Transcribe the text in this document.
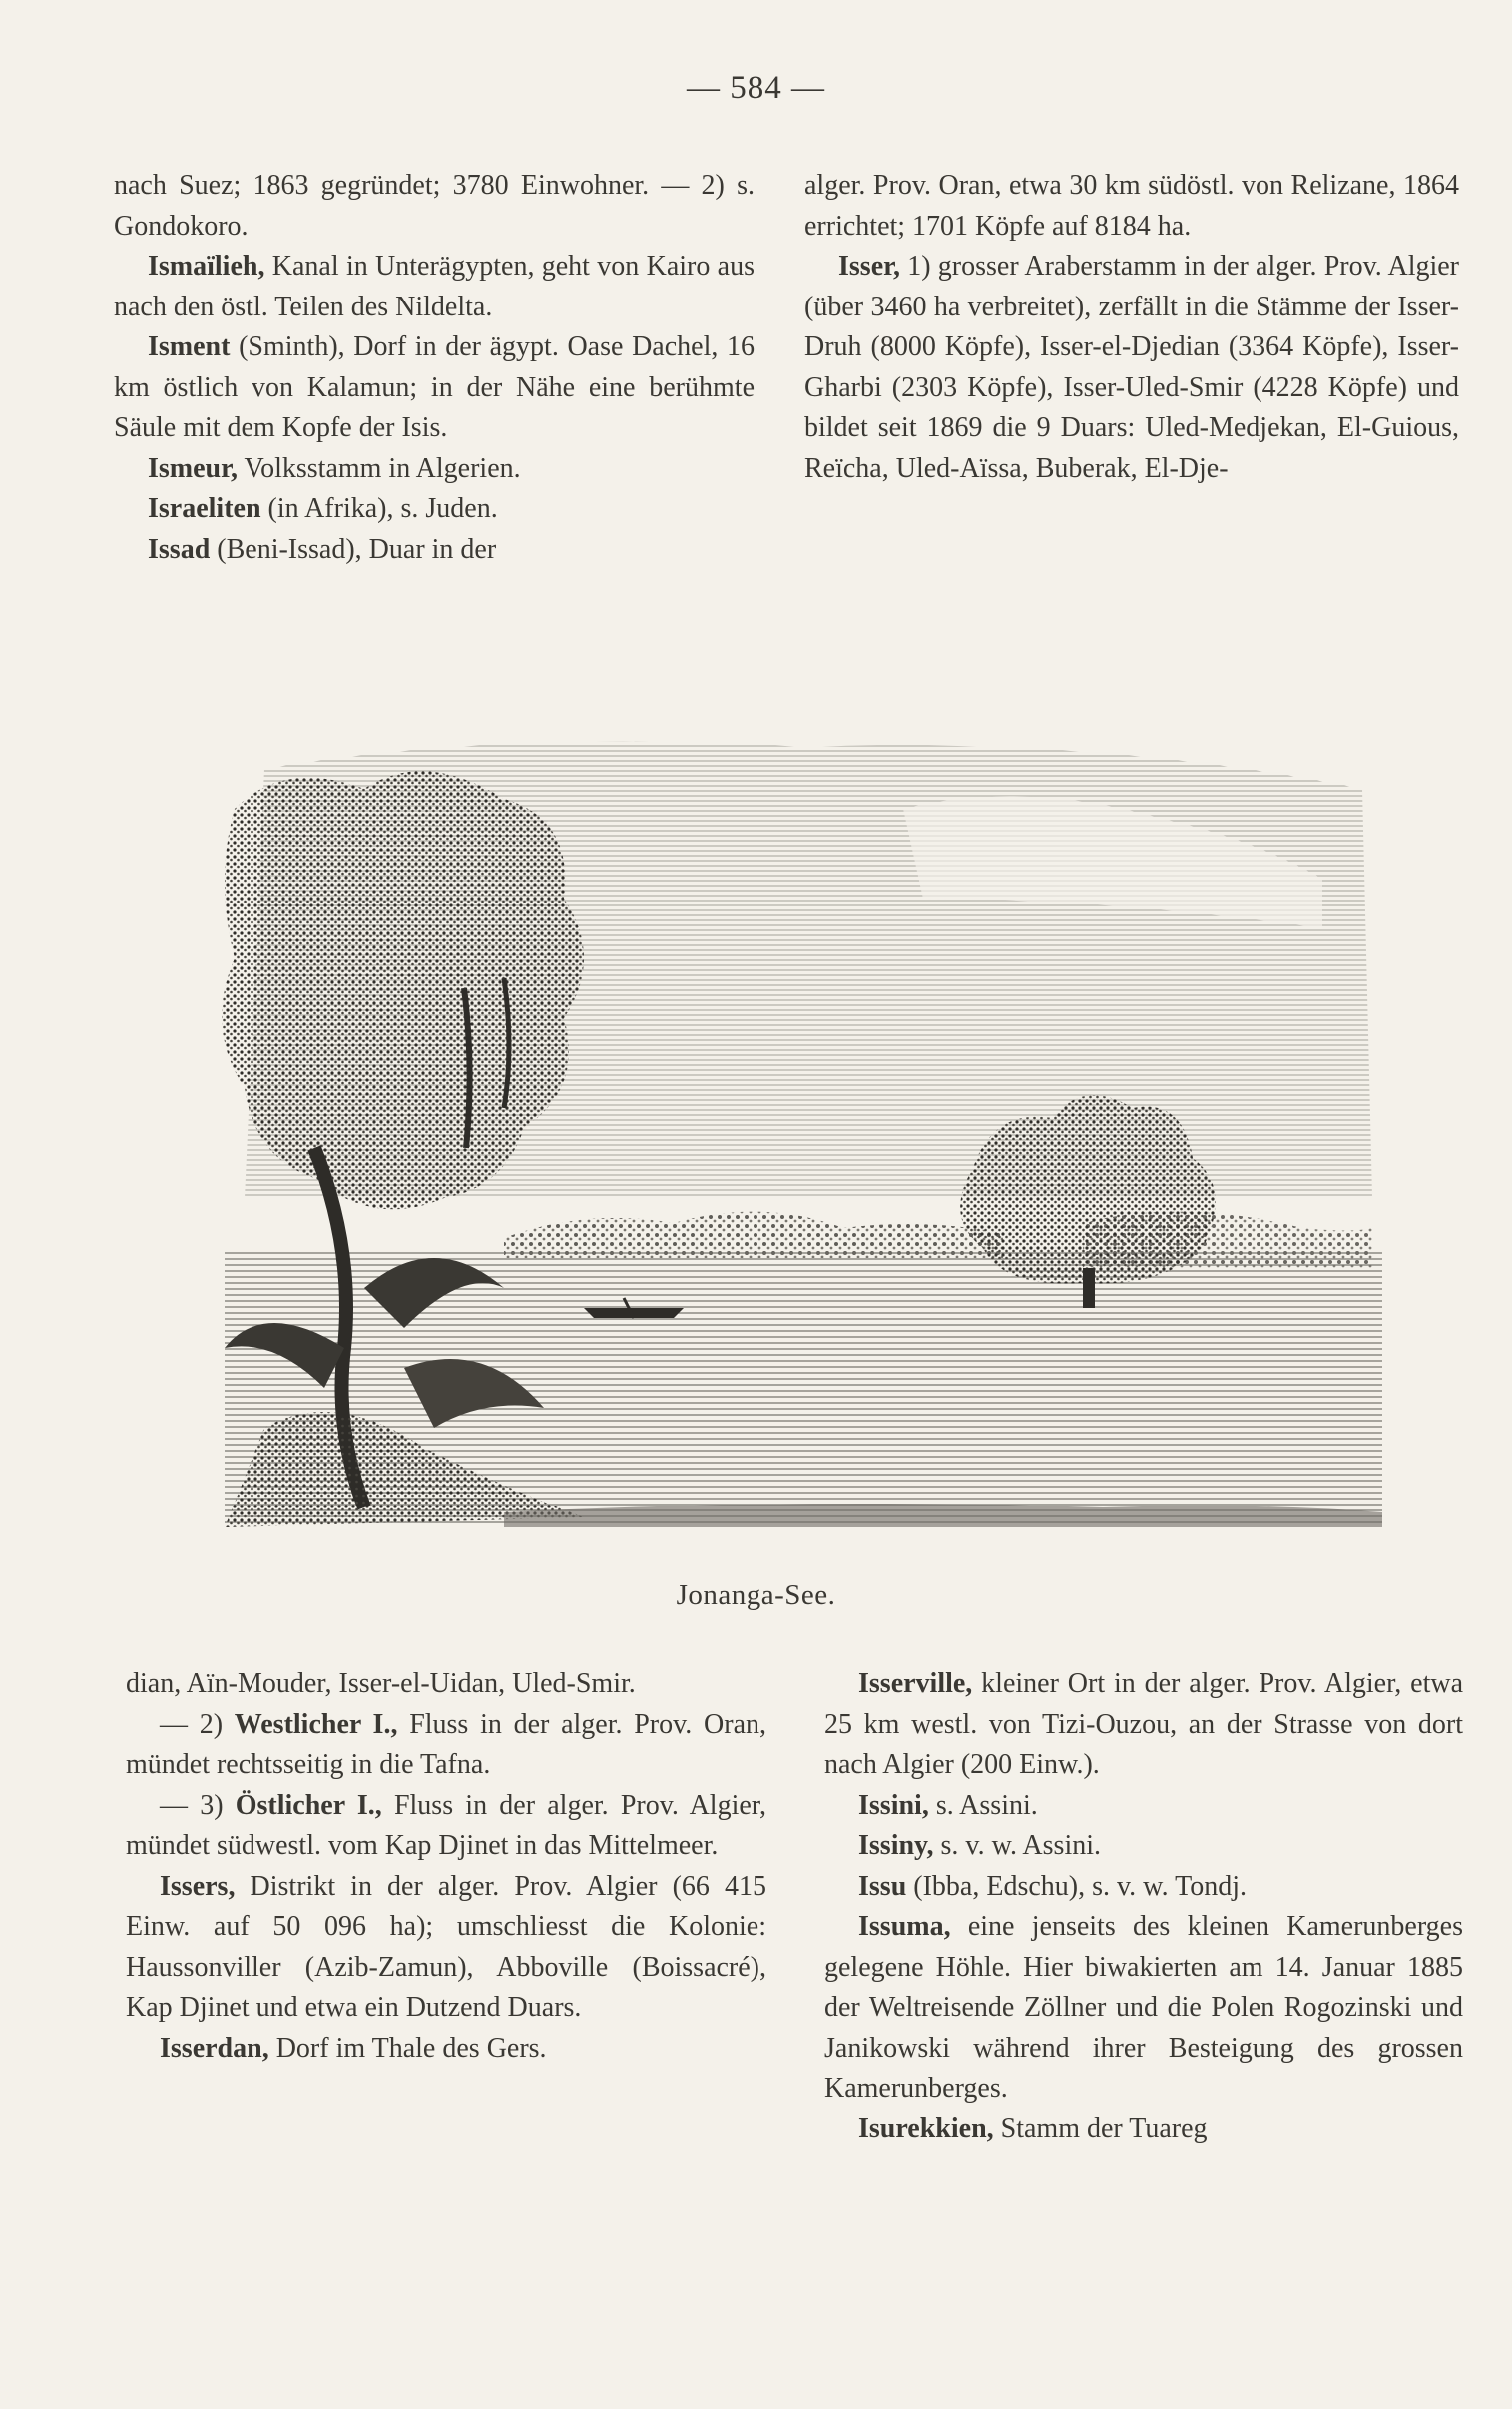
— 584 —

nach Suez; 1863 gegründet; 3780 Einwohner. — 2) s. Gondokoro.

Ismaïlieh, Kanal in Unterägypten, geht von Kairo aus nach den östl. Teilen des Nildelta.

Isment (Sminth), Dorf in der ägypt. Oase Dachel, 16 km östlich von Kalamun; in der Nähe eine berühmte Säule mit dem Kopfe der Isis.

Ismeur, Volksstamm in Algerien.

Israeliten (in Afrika), s. Juden.

Issad (Beni-Issad), Duar in der

alger. Prov. Oran, etwa 30 km südöstl. von Relizane, 1864 errichtet; 1701 Köpfe auf 8184 ha.

Isser, 1) grosser Araberstamm in der alger. Prov. Algier (über 3460 ha verbreitet), zerfällt in die Stämme der Isser-Druh (8000 Köpfe), Isser-el-Djedian (3364 Köpfe), Isser-Gharbi (2303 Köpfe), Isser-Uled-Smir (4228 Köpfe) und bildet seit 1869 die 9 Duars: Uled-Medjekan, El-Guious, Reïcha, Uled-Aïssa, Buberak, El-Dje-

Jonanga-See.

dian, Aïn-Mouder, Isser-el-Uidan, Uled-Smir.

— 2) Westlicher I., Fluss in der alger. Prov. Oran, mündet rechtsseitig in die Tafna.

— 3) Östlicher I., Fluss in der alger. Prov. Algier, mündet südwestl. vom Kap Djinet in das Mittelmeer.

Issers, Distrikt in der alger. Prov. Algier (66 415 Einw. auf 50 096 ha); umschliesst die Kolonie: Haussonviller (Azib-Zamun), Abboville (Boissacré), Kap Djinet und etwa ein Dutzend Duars.

Isserdan, Dorf im Thale des Gers.

Isserville, kleiner Ort in der alger. Prov. Algier, etwa 25 km westl. von Tizi-Ouzou, an der Strasse von dort nach Algier (200 Einw.).

Issini, s. Assini.

Issiny, s. v. w. Assini.

Issu (Ibba, Edschu), s. v. w. Tondj.

Issuma, eine jenseits des kleinen Kamerunberges gelegene Höhle. Hier biwakierten am 14. Januar 1885 der Weltreisende Zöllner und die Polen Rogozinski und Janikowski während ihrer Besteigung des grossen Kamerunberges.

Isurekkien, Stamm der Tuareg
